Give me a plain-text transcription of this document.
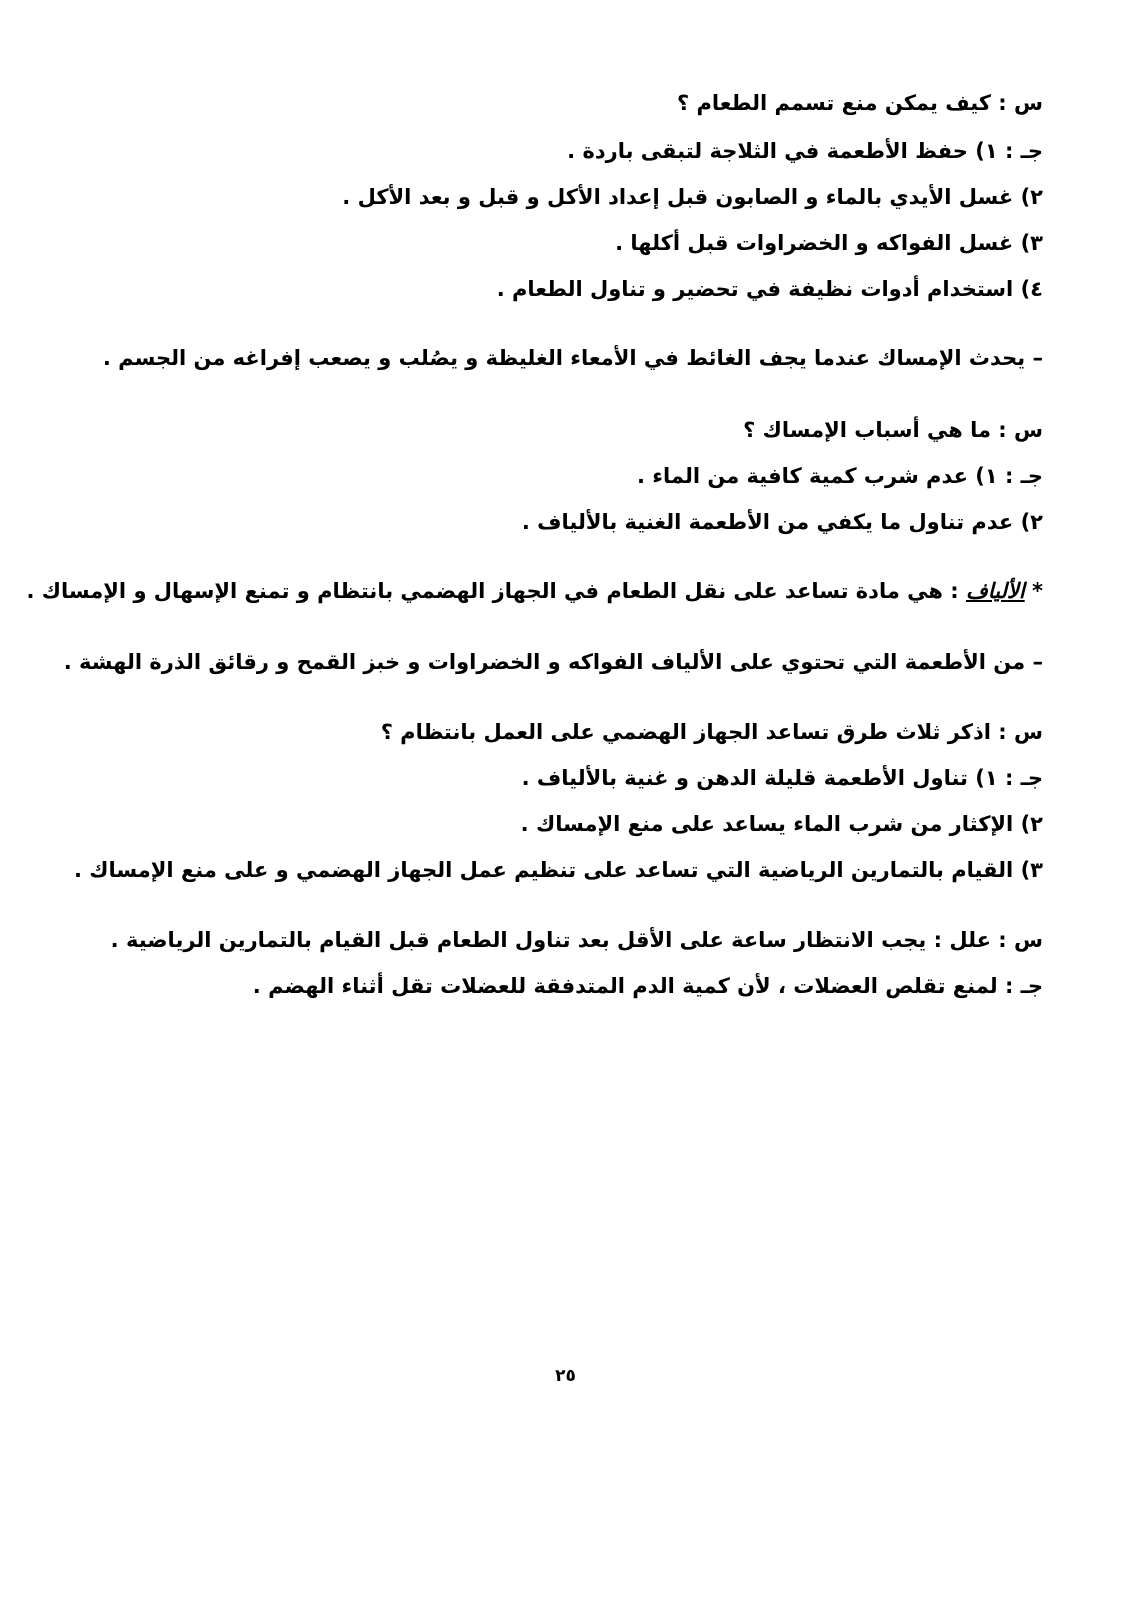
س : كيف يمكن منع تسمم الطعام ؟
جـ : ١) حفظ الأطعمة في الثلاجة لتبقى باردة .
٢) غسل الأيدي بالماء و الصابون قبل إعداد الأكل و قبل و بعد الأكل .
٣) غسل الفواكه و الخضراوات قبل أكلها .
٤) استخدام أدوات نظيفة في تحضير و تناول الطعام .
– يحدث الإمساك عندما يجف الغائط في الأمعاء الغليظة و يصُلب و يصعب إفراغه من الجسم .
س : ما هي أسباب الإمساك ؟
جـ : ١) عدم شرب كمية كافية من الماء .
٢) عدم تناول ما يكفي من الأطعمة الغنية بالألياف .
* الألياف : هي مادة تساعد على نقل الطعام في الجهاز الهضمي بانتظام و تمنع الإسهال و الإمساك .
– من الأطعمة التي تحتوي على الألياف الفواكه و الخضراوات و خبز القمح و رقائق الذرة الهشة .
س : اذكر ثلاث طرق تساعد الجهاز الهضمي على العمل بانتظام ؟
جـ : ١) تناول الأطعمة قليلة الدهن و غنية بالألياف .
٢) الإكثار من شرب الماء يساعد على منع الإمساك .
٣) القيام بالتمارين الرياضية التي تساعد على تنظيم عمل الجهاز الهضمي و على منع الإمساك .
س : علل : يجب الانتظار ساعة على الأقل بعد تناول الطعام قبل القيام بالتمارين الرياضية .
جـ : لمنع تقلص العضلات ، لأن كمية الدم المتدفقة للعضلات تقل أثناء الهضم .
٢٥
